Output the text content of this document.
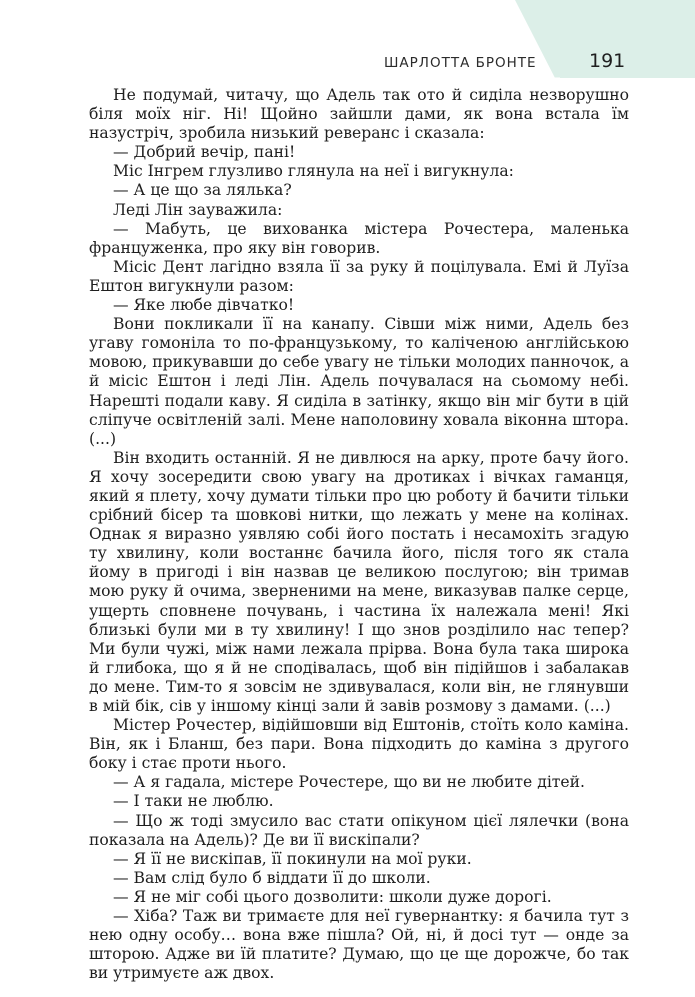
ШАРЛОТТА БРОНТЕ	191

Не подумай, читачу, що Адель так ото й сиділа незворушно біля моїх ніг. Ні! Щойно зайшли дами, як вона встала їм назустріч, зробила низький реверанс і сказала:

— Добрий вечір, пані!

Міс Інгрем глузливо глянула на неї і вигукнула:

— А це що за лялька?

Леді Лін зауважила:

— Мабуть, це вихованка містера Рочестера, маленька француженка, про яку він говорив.

Місіс Дент лагідно взяла її за руку й поцілувала. Емі й Луїза Ештон вигукнули разом:

— Яке любе дівчатко!

Вони покликали її на канапу. Сівши між ними, Адель без угаву гомоніла то по-французькому, то каліченою англійською мовою, прикувавши до себе увагу не тільки молодих панночок, а й місіс Ештон і леді Лін. Адель почувалася на сьомому небі. Нарешті подали каву. Я сиділа в затінку, якщо він міг бути в цій сліпуче освітленій залі. Мене наполовину ховала віконна штора. (...)

Він входить останній. Я не дивлюся на арку, проте бачу його. Я хочу зосередити свою увагу на дротиках і вічках гаманця, який я плету, хочу думати тільки про цю роботу й бачити тільки срібний бісер та шовкові нитки, що лежать у мене на колінах. Однак я виразно уявляю собі його постать і несамохіть згадую ту хвилину, коли востаннє бачила його, після того як стала йому в пригоді і він назвав це великою послугою; він тримав мою руку й очима, зверненими на мене, виказував палке серце, ущерть сповнене почувань, і частина їх належала мені! Які близькі були ми в ту хвилину! І що знов розділило нас тепер? Ми були чужі, між нами лежала прірва. Вона була така широка й глибока, що я й не сподівалась, щоб він підійшов і забалакав до мене. Тим-то я зовсім не здивувалася, коли він, не глянувши в мій бік, сів у іншому кінці зали й завів розмову з дамами. (...)

Містер Рочестер, відійшовши від Ештонів, стоїть коло каміна. Він, як і Бланш, без пари. Вона підходить до каміна з другого боку і стає проти нього.

— А я гадала, містере Рочестере, що ви не любите дітей.

— І таки не люблю.

— Що ж тоді змусило вас стати опікуном цієї лялечки (вона показала на Адель)? Де ви її вискіпали?

— Я її не вискіпав, її покинули на мої руки.

— Вам слід було б віддати її до школи.

— Я не міг собі цього дозволити: школи дуже дорогі.

— Хіба? Таж ви тримаєте для неї гувернантку: я бачила тут з нею одну особу… вона вже пішла? Ой, ні, й досі тут — онде за шторою. Адже ви їй платите? Думаю, що це ще дорожче, бо так ви утримуєте аж двох.
